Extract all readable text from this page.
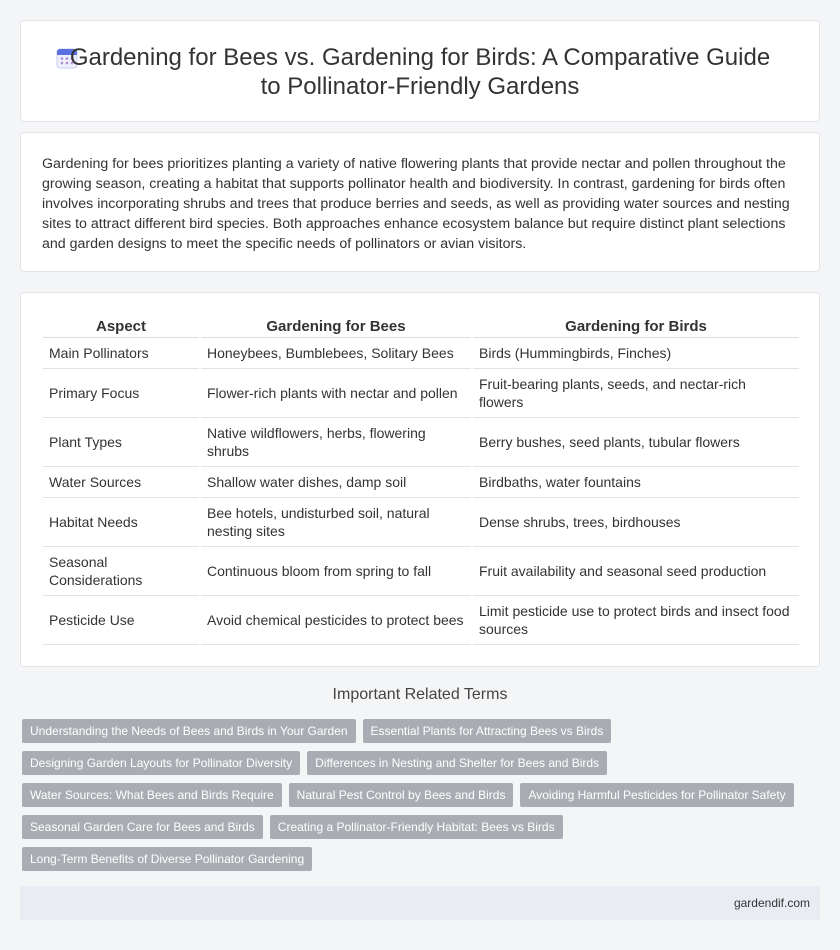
Gardening for Bees vs. Gardening for Birds: A Comparative Guide to Pollinator-Friendly Gardens

Gardening for bees prioritizes planting a variety of native flowering plants that provide nectar and pollen throughout the growing season, creating a habitat that supports pollinator health and biodiversity. In contrast, gardening for birds often involves incorporating shrubs and trees that produce berries and seeds, as well as providing water sources and nesting sites to attract different bird species. Both approaches enhance ecosystem balance but require distinct plant selections and garden designs to meet the specific needs of pollinators or avian visitors.

Aspect	Gardening for Bees	Gardening for Birds
Main Pollinators	Honeybees, Bumblebees, Solitary Bees	Birds (Hummingbirds, Finches)
Primary Focus	Flower-rich plants with nectar and pollen	Fruit-bearing plants, seeds, and nectar-rich flowers
Plant Types	Native wildflowers, herbs, flowering shrubs	Berry bushes, seed plants, tubular flowers
Water Sources	Shallow water dishes, damp soil	Birdbaths, water fountains
Habitat Needs	Bee hotels, undisturbed soil, natural nesting sites	Dense shrubs, trees, birdhouses
Seasonal Considerations	Continuous bloom from spring to fall	Fruit availability and seasonal seed production
Pesticide Use	Avoid chemical pesticides to protect bees	Limit pesticide use to protect birds and insect food sources
Important Related Terms
Understanding the Needs of Bees and Birds in Your Garden	Essential Plants for Attracting Bees vs Birds
Designing Garden Layouts for Pollinator Diversity	Differences in Nesting and Shelter for Bees and Birds
Water Sources: What Bees and Birds Require	Natural Pest Control by Bees and Birds	Avoiding Harmful Pesticides for Pollinator Safety
Seasonal Garden Care for Bees and Birds	Creating a Pollinator-Friendly Habitat: Bees vs Birds
Long-Term Benefits of Diverse Pollinator Gardening
gardendif.com
